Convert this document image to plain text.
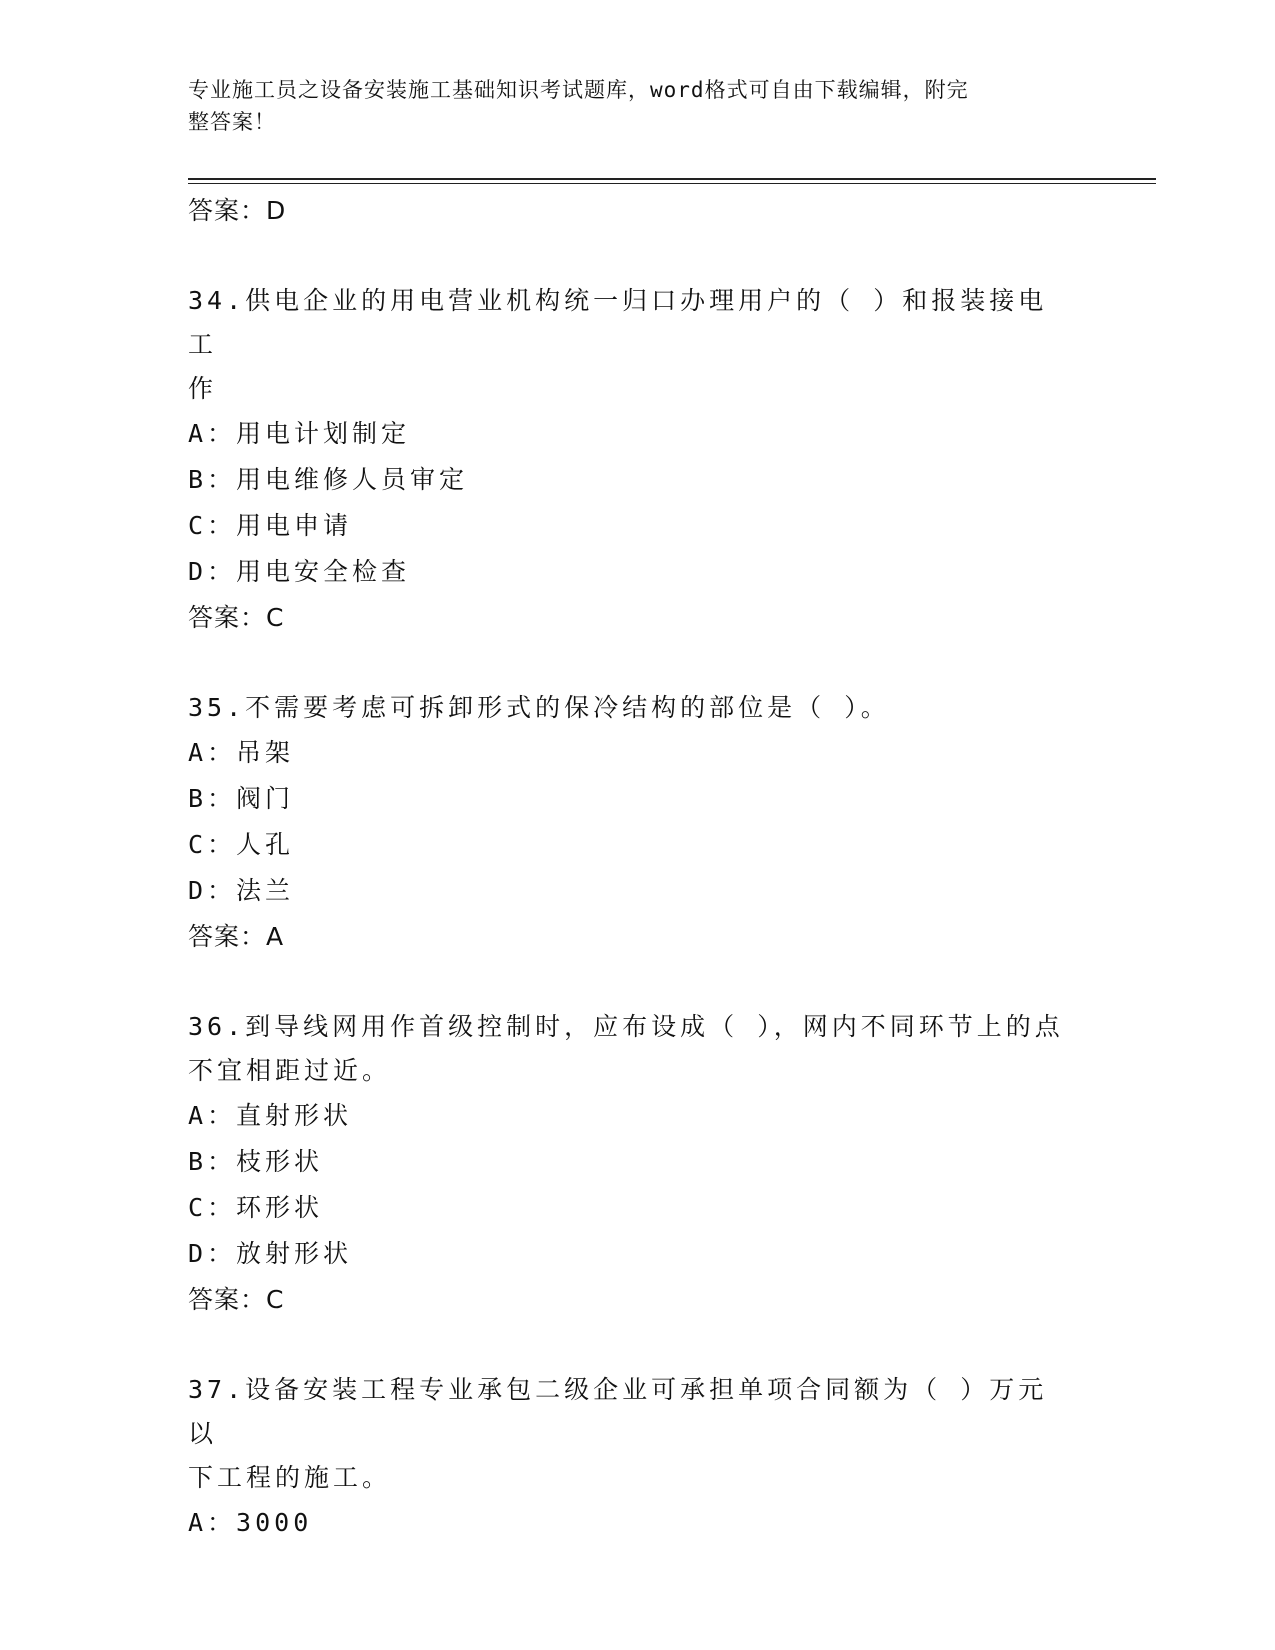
专业施工员之设备安装施工基础知识考试题库，word格式可自由下载编辑，附完
整答案！
答案：D
34.供电企业的用电营业机构统一归口办理用户的（ ）和报装接电工
作
A：用电计划制定
B：用电维修人员审定
C：用电申请
D：用电安全检查
答案：C
35.不需要考虑可拆卸形式的保冷结构的部位是（ ）。
A：吊架
B：阀门
C：人孔
D：法兰
答案：A
36.到导线网用作首级控制时，应布设成（ ），网内不同环节上的点
不宜相距过近。
A：直射形状
B：枝形状
C：环形状
D：放射形状
答案：C
37.设备安装工程专业承包二级企业可承担单项合同额为（ ）万元以
下工程的施工。
A：3000
